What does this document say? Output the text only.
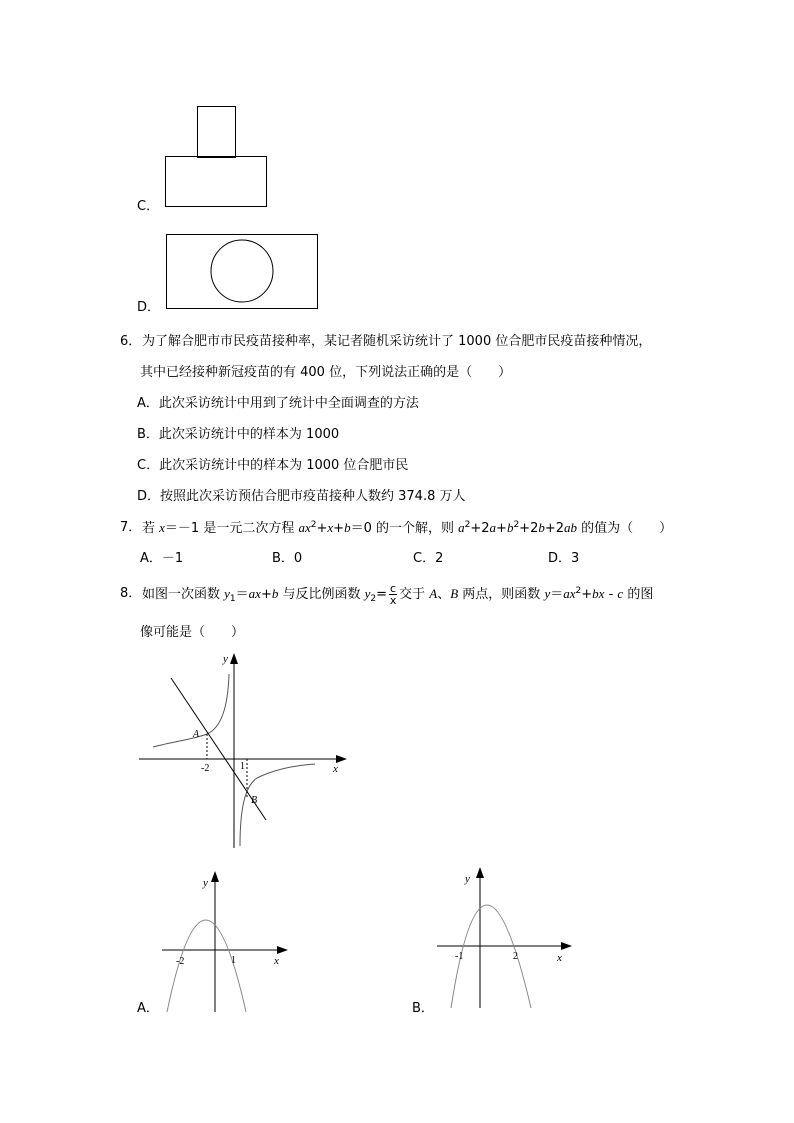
C．
D．
6． 为了解合肥市市民疫苗接种率，某记者随机采访统计了 1000 位合肥市民疫苗接种情况，
其中已经接种新冠疫苗的有 400 位，下列说法正确的是（　　）
A．此次采访统计中用到了统计中全面调查的方法
B．此次采访统计中的样本为 1000
C．此次采访统计中的样本为 1000 位合肥市民
D．按照此次采访预估合肥市疫苗接种人数约 374.8 万人
7． 若 x＝－1 是一元二次方程 $ax^2+x+b=0$ 的一个解，则 $a^2+2a+b^2+2b+2ab$ 的值为（　　）
A．－1	B．0	C．2	D．3
8． 如图一次函数 $y_1=ax+b$ 与反比例函数 $y_2= \frac{c}{x}$ 交于 A、B 两点，则函数 $y=ax^2+bx - c$ 的图
像可能是（　　）
y
x
A
B
-2	1
y
x
-2	1
A．
y
x
-1	2
B．
